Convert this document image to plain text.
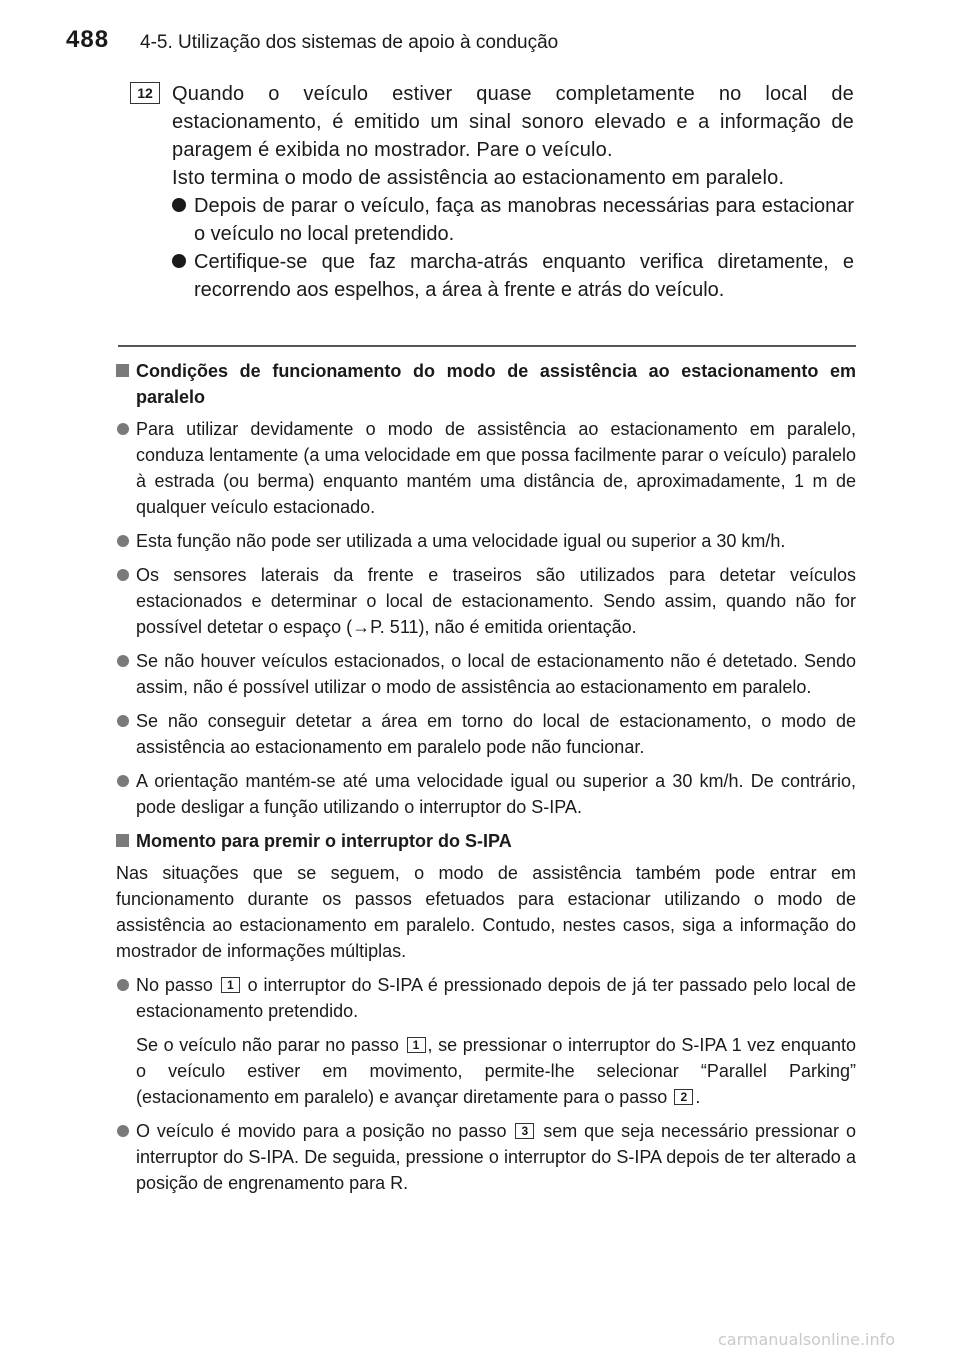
488 4-5. Utilização dos sistemas de apoio à condução
12 Quando o veículo estiver quase completamente no local de estacionamento, é emitido um sinal sonoro elevado e a informação de paragem é exibida no mostrador. Pare o veículo.

Isto termina o modo de assistência ao estacionamento em paralelo.

Depois de parar o veículo, faça as manobras necessárias para estacionar o veículo no local pretendido.
Certifique-se que faz marcha-atrás enquanto verifica diretamente, e recorrendo aos espelhos, a área à frente e atrás do veículo.
Condições de funcionamento do modo de assistência ao estacionamento em paralelo
Para utilizar devidamente o modo de assistência ao estacionamento em paralelo, conduza lentamente (a uma velocidade em que possa facilmente parar o veículo) paralelo à estrada (ou berma) enquanto mantém uma distância de, aproximadamente, 1 m de qualquer veículo estacionado.
Esta função não pode ser utilizada a uma velocidade igual ou superior a 30 km/h.
Os sensores laterais da frente e traseiros são utilizados para detetar veículos estacionados e determinar o local de estacionamento. Sendo assim, quando não for possível detetar o espaço (→P. 511), não é emitida orientação.
Se não houver veículos estacionados, o local de estacionamento não é detetado. Sendo assim, não é possível utilizar o modo de assistência ao estacionamento em paralelo.
Se não conseguir detetar a área em torno do local de estacionamento, o modo de assistência ao estacionamento em paralelo pode não funcionar.
A orientação mantém-se até uma velocidade igual ou superior a 30 km/h. De contrário, pode desligar a função utilizando o interruptor do S-IPA.
Momento para premir o interruptor do S-IPA
Nas situações que se seguem, o modo de assistência também pode entrar em funcionamento durante os passos efetuados para estacionar utilizando o modo de assistência ao estacionamento em paralelo. Contudo, nestes casos, siga a informação do mostrador de informações múltiplas.
No passo 1 o interruptor do S-IPA é pressionado depois de já ter passado pelo local de estacionamento pretendido.
Se o veículo não parar no passo 1 , se pressionar o interruptor do S-IPA 1 vez enquanto o veículo estiver em movimento, permite-lhe selecionar “Parallel Parking” (estacionamento em paralelo) e avançar diretamente para o passo 2 .
O veículo é movido para a posição no passo 3 sem que seja necessário pressionar o interruptor do S-IPA. De seguida, pressione o interruptor do S-IPA depois de ter alterado a posição de engrenamento para R.
carmanualsonline.info
